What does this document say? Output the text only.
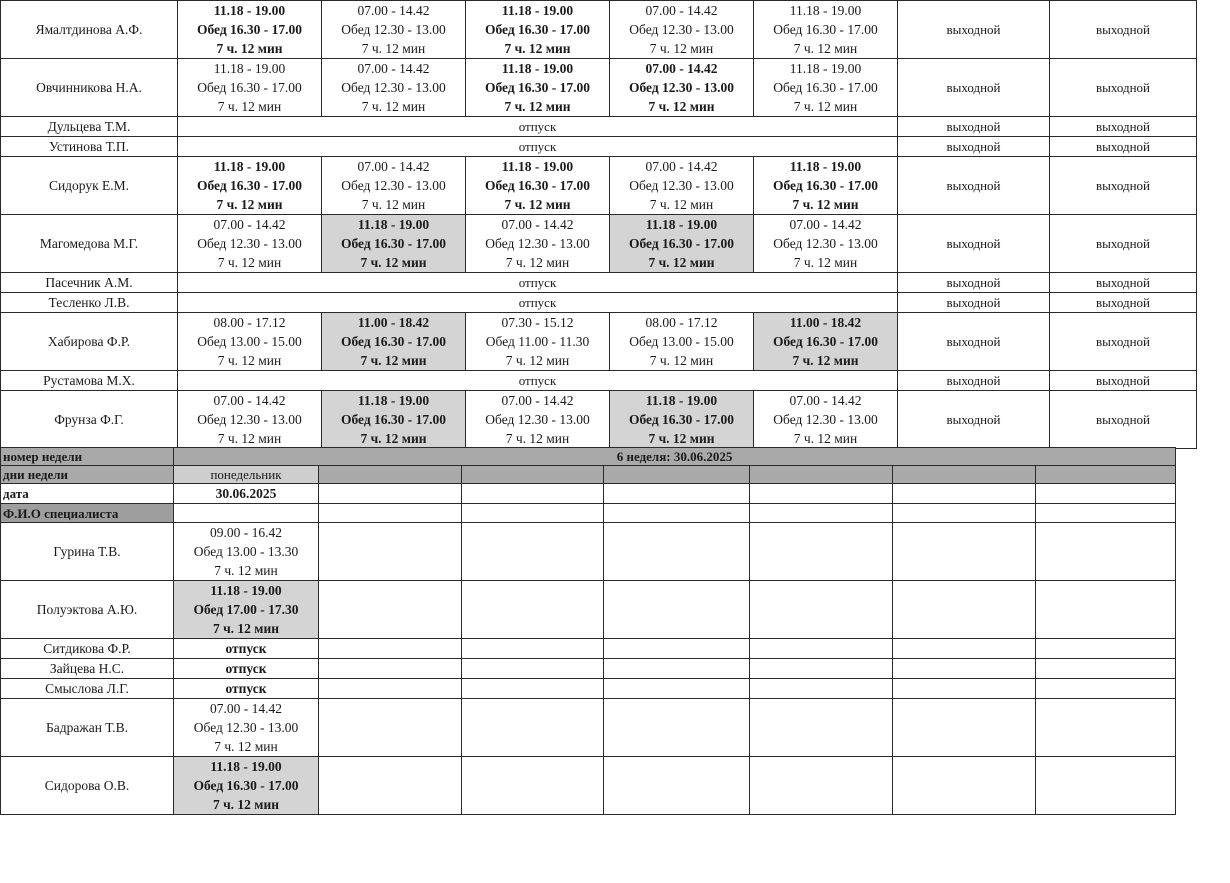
Ямалтдинова А.Ф.	11.18 - 19.00
Обед 16.30 - 17.00
7 ч. 12 мин	07.00 - 14.42
Обед 12.30 - 13.00
7 ч. 12 мин	11.18 - 19.00
Обед 16.30 - 17.00
7 ч. 12 мин	07.00 - 14.42
Обед 12.30 - 13.00
7 ч. 12 мин	11.18 - 19.00
Обед 16.30 - 17.00
7 ч. 12 мин	выходной	выходной
Овчинникова Н.А.	11.18 - 19.00
Обед 16.30 - 17.00
7 ч. 12 мин	07.00 - 14.42
Обед 12.30 - 13.00
7 ч. 12 мин	11.18 - 19.00
Обед 16.30 - 17.00
7 ч. 12 мин	07.00 - 14.42
Обед 12.30 - 13.00
7 ч. 12 мин	11.18 - 19.00
Обед 16.30 - 17.00
7 ч. 12 мин	выходной	выходной
Дульцева Т.М.	отпуск					выходной	выходной
Устинова Т.П.	отпуск					выходной	выходной
Сидорук Е.М.	11.18 - 19.00
Обед 16.30 - 17.00
7 ч. 12 мин	07.00 - 14.42
Обед 12.30 - 13.00
7 ч. 12 мин	11.18 - 19.00
Обед 16.30 - 17.00
7 ч. 12 мин	07.00 - 14.42
Обед 12.30 - 13.00
7 ч. 12 мин	11.18 - 19.00
Обед 16.30 - 17.00
7 ч. 12 мин	выходной	выходной
Магомедова М.Г.	07.00 - 14.42
Обед 12.30 - 13.00
7 ч. 12 мин	11.18 - 19.00
Обед 16.30 - 17.00
7 ч. 12 мин	07.00 - 14.42
Обед 12.30 - 13.00
7 ч. 12 мин	11.18 - 19.00
Обед 16.30 - 17.00
7 ч. 12 мин	07.00 - 14.42
Обед 12.30 - 13.00
7 ч. 12 мин	выходной	выходной
Пасечник А.М.	отпуск					выходной	выходной
Тесленко Л.В.	отпуск					выходной	выходной
Хабирова Ф.Р.	08.00 - 17.12
Обед 13.00 - 15.00
7 ч. 12 мин	11.00 - 18.42
Обед 16.30 - 17.00
7 ч. 12 мин	07.30 - 15.12
Обед 11.00 - 11.30
7 ч. 12 мин	08.00 - 17.12
Обед 13.00 - 15.00
7 ч. 12 мин	11.00 - 18.42
Обед 16.30 - 17.00
7 ч. 12 мин	выходной	выходной
Рустамова М.Х.	отпуск					выходной	выходной
Фрунза Ф.Г.	07.00 - 14.42
Обед 12.30 - 13.00
7 ч. 12 мин	11.18 - 19.00
Обед 16.30 - 17.00
7 ч. 12 мин	07.00 - 14.42
Обед 12.30 - 13.00
7 ч. 12 мин	11.18 - 19.00
Обед 16.30 - 17.00
7 ч. 12 мин	07.00 - 14.42
Обед 12.30 - 13.00
7 ч. 12 мин	выходной	выходной
номер недели	6 неделя: 30.06.2025						
дни недели	понедельник						
дата	30.06.2025						
Ф.И.О специалиста							
Гурина Т.В.	09.00 - 16.42
Обед 13.00 - 13.30
7 ч. 12 мин						

Полуэктова А.Ю.	11.18 - 19.00
Обед 17.00 - 17.30
7 ч. 12 мин						

Ситдикова Ф.Р.	отпуск						
Зайцева Н.С.	отпуск						
Смыслова Л.Г.	отпуск						
Бадражан Т.В.	07.00 - 14.42
Обед 12.30 - 13.00
7 ч. 12 мин						

Сидорова О.В.	11.18 - 19.00
Обед 16.30 - 17.00
7 ч. 12 мин						
